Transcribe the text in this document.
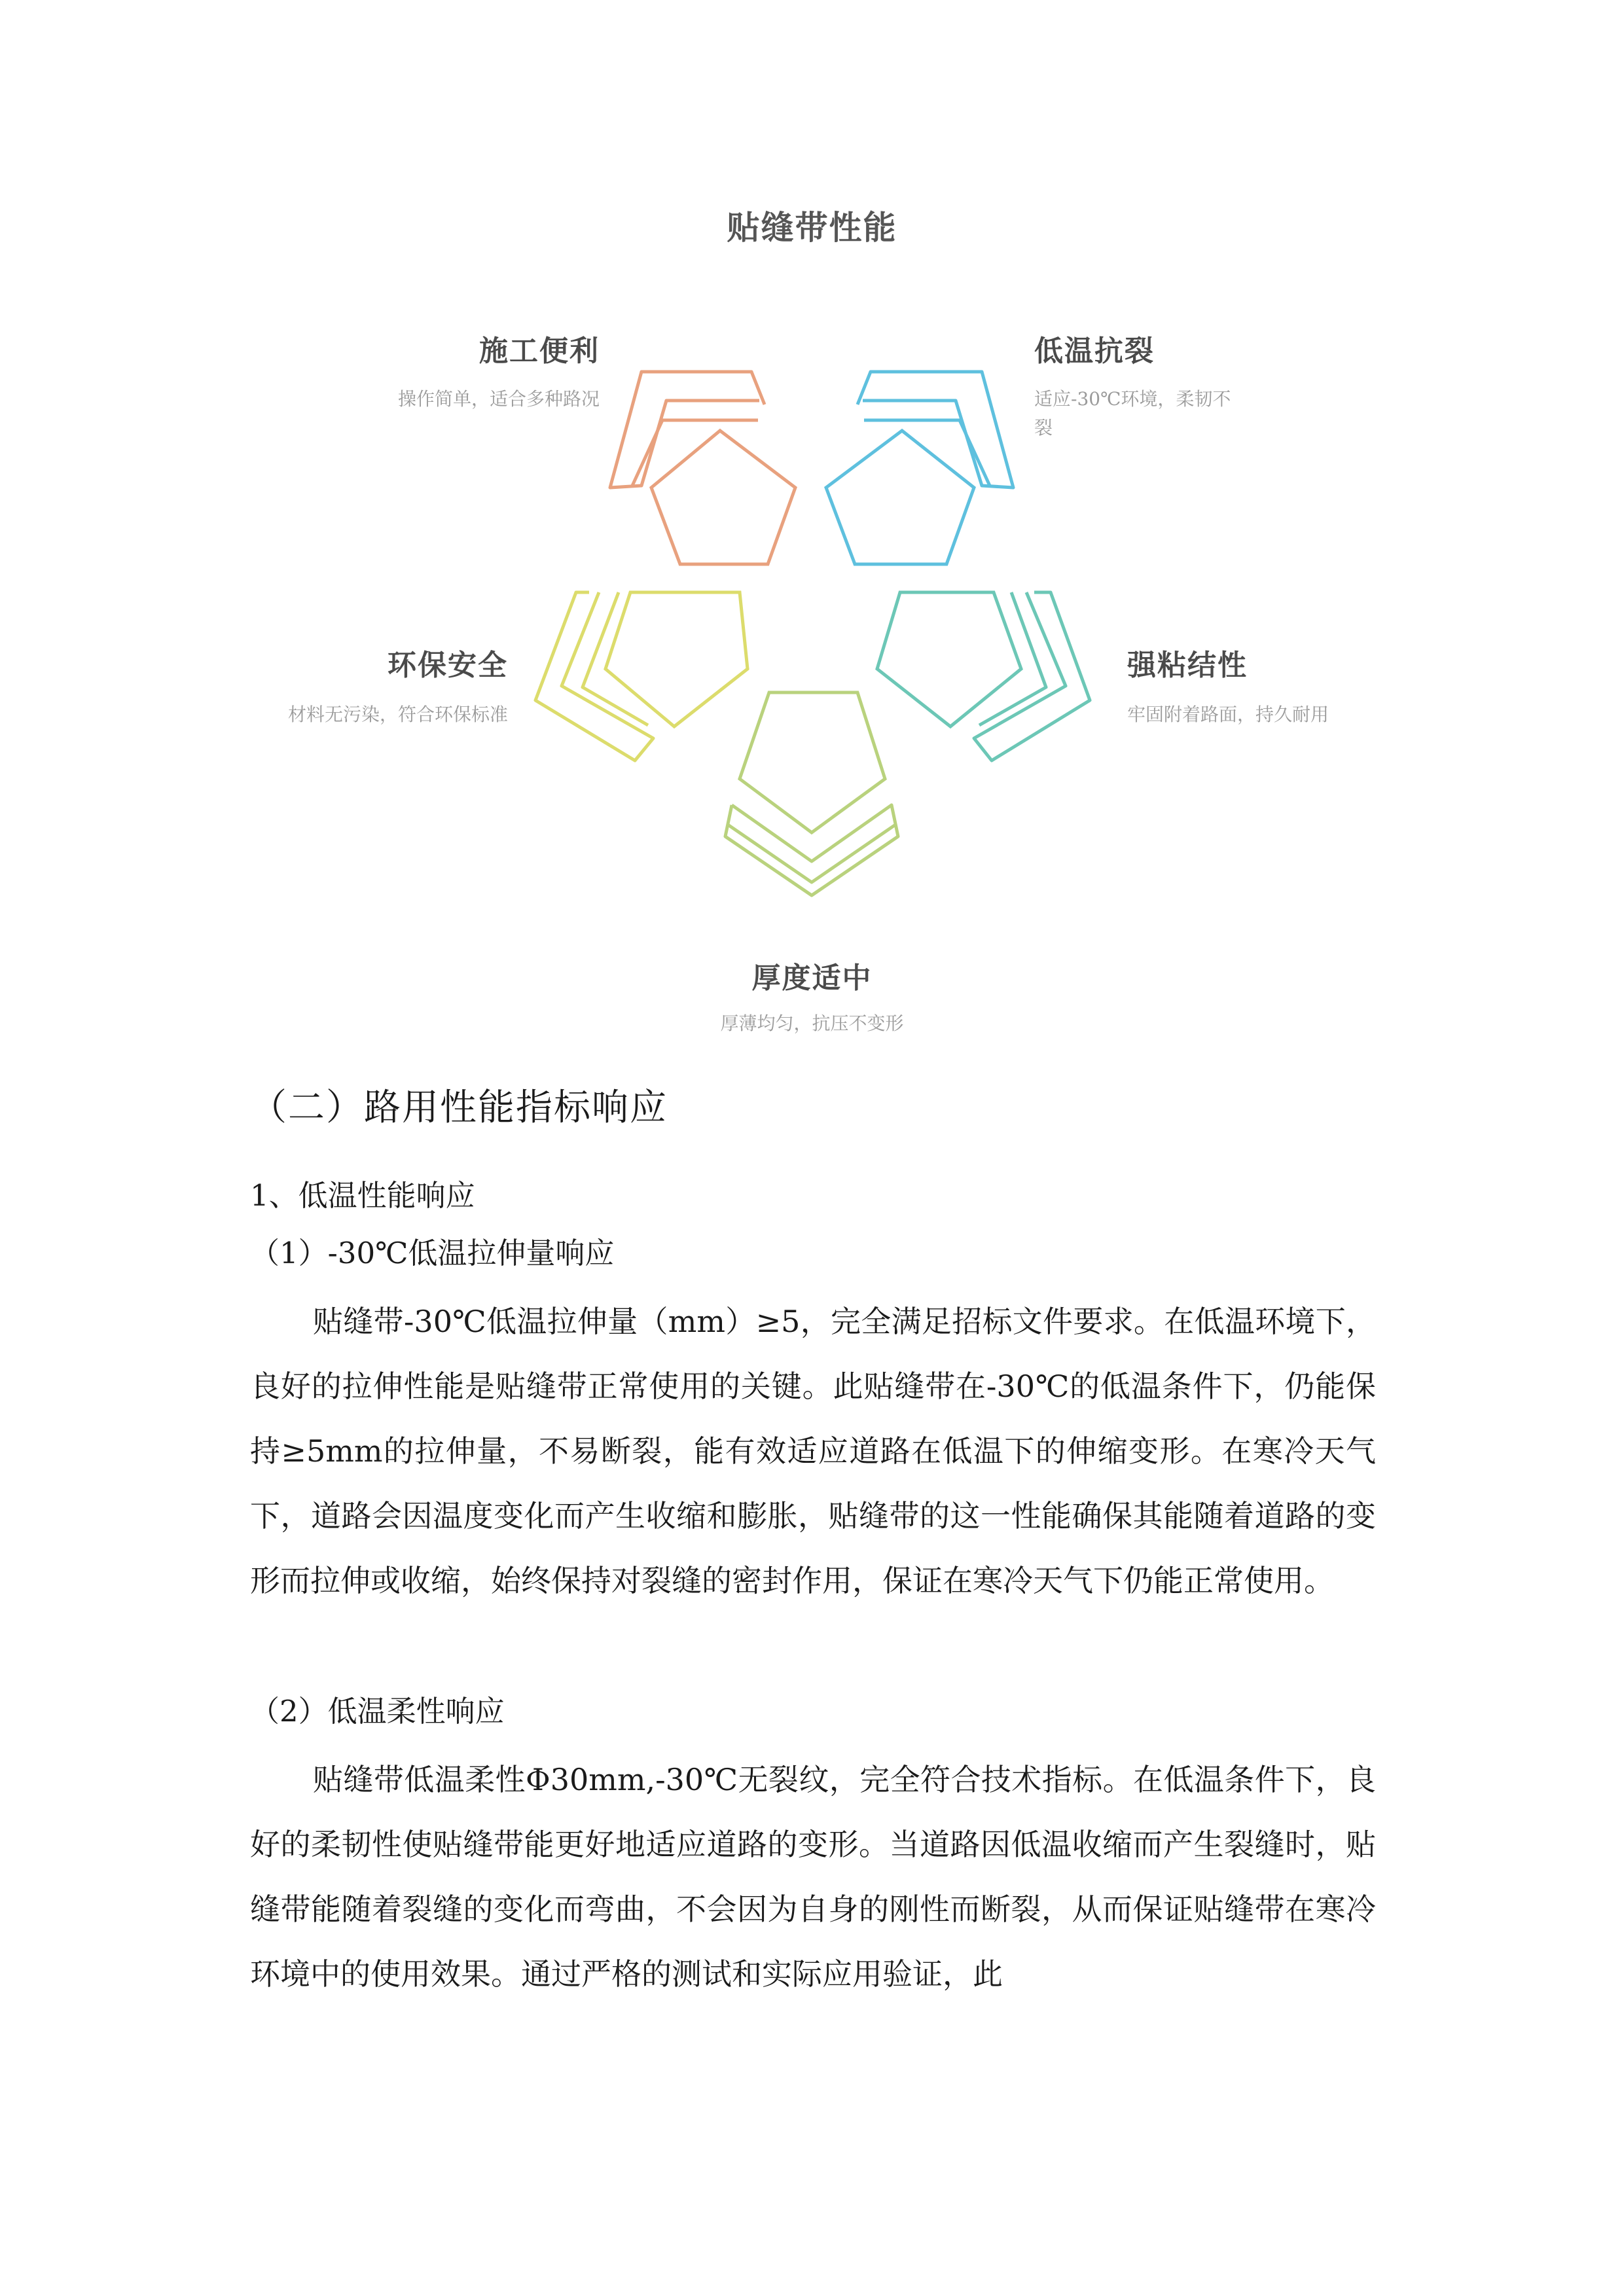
贴缝带性能
施工便利
操作简单，适合多种路况
低温抗裂
适应-30℃环境，柔韧不裂
环保安全
材料无污染，符合环保标准
强粘结性
牢固附着路面，持久耐用
厚度适中
厚薄均匀，抗压不变形
（二）路用性能指标响应
1、低温性能响应
（1）-30℃低温拉伸量响应

贴缝带-30℃低温拉伸量（mm）≥5，完全满足招标文件要求。在低温环境下，良好的拉伸性能是贴缝带正常使用的关键。此贴缝带在-30℃的低温条件下，仍能保持≥5mm的拉伸量，不易断裂，能有效适应道路在低温下的伸缩变形。在寒冷天气下，道路会因温度变化而产生收缩和膨胀，贴缝带的这一性能确保其能随着道路的变形而拉伸或收缩，始终保持对裂缝的密封作用，保证在寒冷天气下仍能正常使用。

（2）低温柔性响应

贴缝带低温柔性Φ30mm,-30℃无裂纹，完全符合技术指标。在低温条件下，良好的柔韧性使贴缝带能更好地适应道路的变形。当道路因低温收缩而产生裂缝时，贴缝带能随着裂缝的变化而弯曲，不会因为自身的刚性而断裂，从而保证贴缝带在寒冷环境中的使用效果。通过严格的测试和实际应用验证，此
